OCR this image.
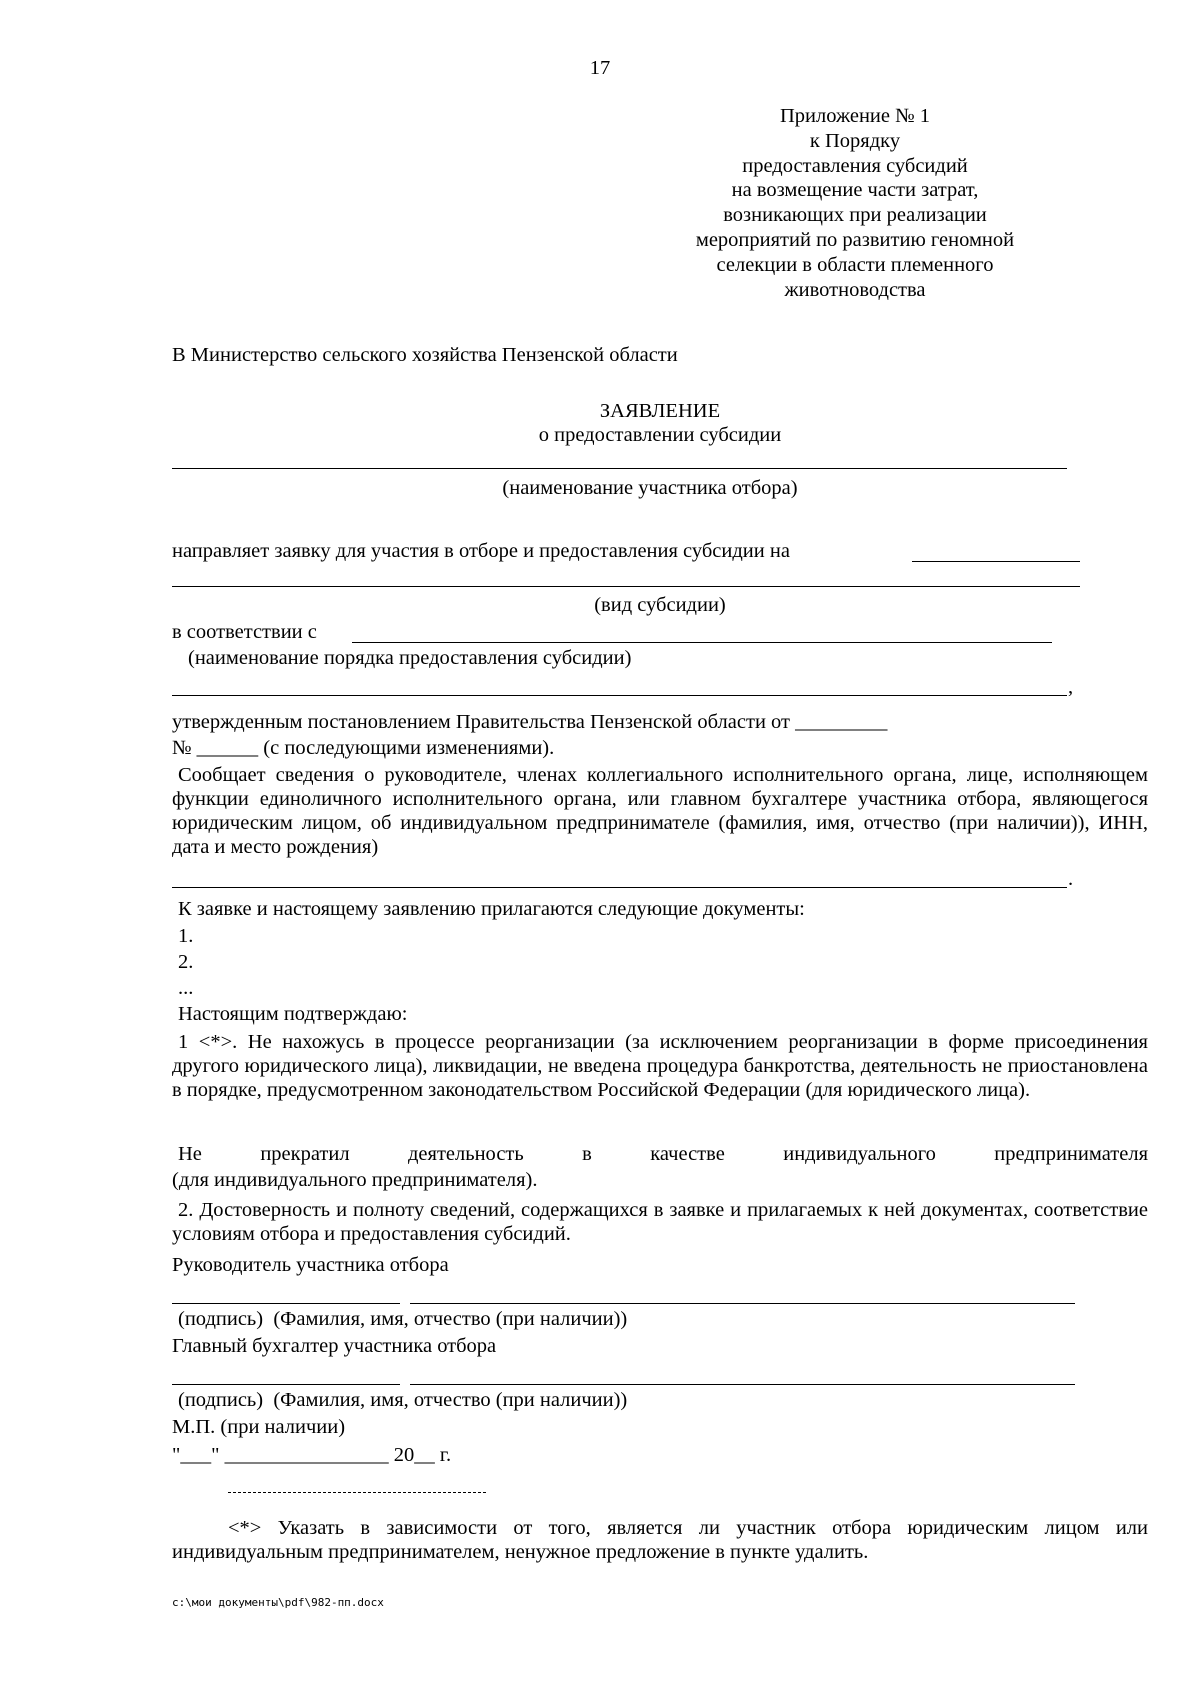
17
Приложение № 1
к Порядку
предоставления субсидий
на возмещение части затрат,
возникающих при реализации
мероприятий по развитию геномной
селекции в области племенного
животноводства
В Министерство сельского хозяйства Пензенской области
ЗАЯВЛЕНИЕ
о предоставлении субсидии
(наименование участника отбора)
направляет заявку для участия в отборе и предоставления субсидии на
(вид субсидии)
в соответствии с
(наименование порядка предоставления субсидии)
,
утвержденным постановлением Правительства Пензенской области от _________
№ ______ (с последующими изменениями).
Сообщает сведения о руководителе, членах коллегиального исполнительного органа, лице, исполняющем функции единоличного исполнительного органа, или главном бухгалтере участника отбора, являющегося юридическим лицом, об индивидуальном предпринимателе (фамилия, имя, отчество (при наличии)), ИНН, дата и место рождения)
.
К заявке и настоящему заявлению прилагаются следующие документы:
1.
2.
...
Настоящим подтверждаю:
1 <*>. Не нахожусь в процессе реорганизации (за исключением реорганизации в форме присоединения другого юридического лица), ликвидации, не введена процедура банкротства, деятельность не приостановлена в порядке, предусмотренном законодательством Российской Федерации (для юридического лица).
Не прекратил деятельность в качестве индивидуального предпринимателя
(для индивидуального предпринимателя).
2. Достоверность и полноту сведений, содержащихся в заявке и прилагаемых к ней документах, соответствие условиям отбора и предоставления субсидий.
Руководитель участника отбора
(подпись)  (Фамилия, имя, отчество (при наличии))
Главный бухгалтер участника отбора
(подпись)  (Фамилия, имя, отчество (при наличии))
М.П. (при наличии)
"___" ________________ 20__ г.
<*> Указать в зависимости от того, является ли участник отбора юридическим лицом или индивидуальным предпринимателем, ненужное предложение в пункте удалить.
c:\мои документы\pdf\982-пп.docx
